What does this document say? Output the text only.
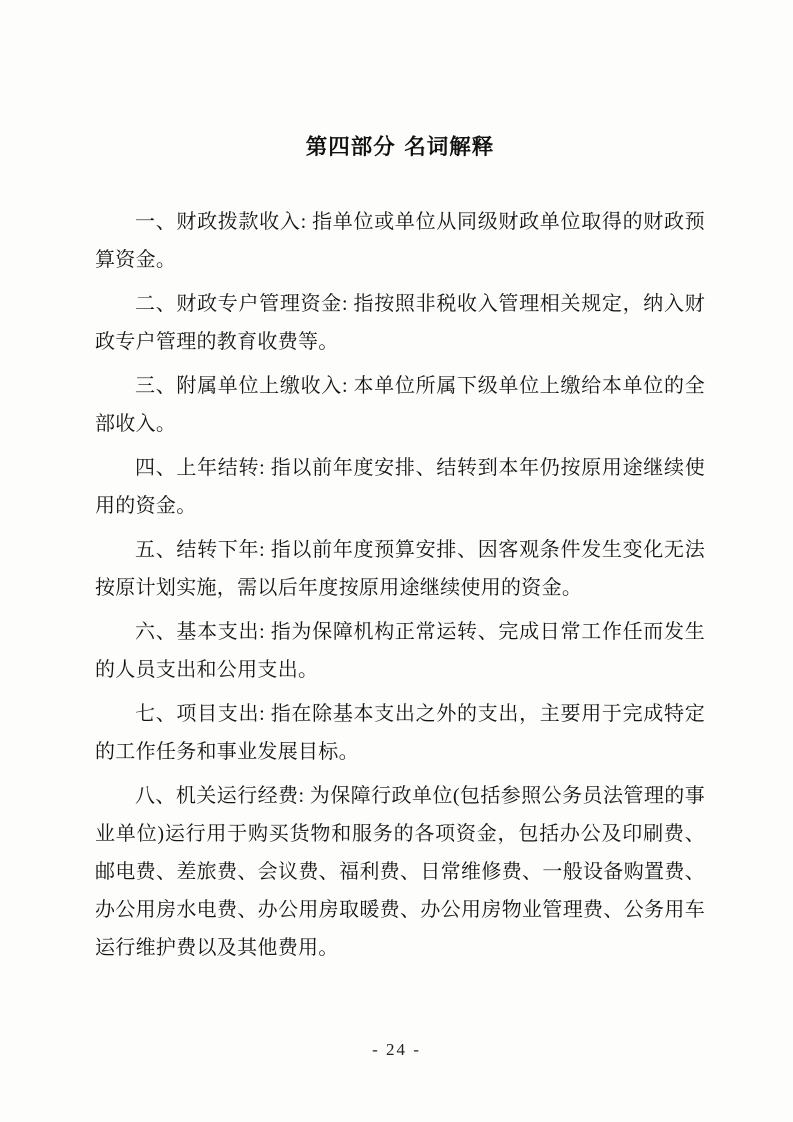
第四部分 名词解释

一、财政拨款收入: 指单位或单位从同级财政单位取得的财政预算资金。

二、财政专户管理资金: 指按照非税收入管理相关规定，纳入财政专户管理的教育收费等。

三、附属单位上缴收入: 本单位所属下级单位上缴给本单位的全部收入。

四、上年结转: 指以前年度安排、结转到本年仍按原用途继续使用的资金。

五、结转下年: 指以前年度预算安排、因客观条件发生变化无法按原计划实施，需以后年度按原用途继续使用的资金。

六、基本支出: 指为保障机构正常运转、完成日常工作任而发生的人员支出和公用支出。

七、项目支出: 指在除基本支出之外的支出，主要用于完成特定的工作任务和事业发展目标。

八、机关运行经费: 为保障行政单位(包括参照公务员法管理的事业单位)运行用于购买货物和服务的各项资金，包括办公及印刷费、邮电费、差旅费、会议费、福利费、日常维修费、一般设备购置费、办公用房水电费、办公用房取暖费、办公用房物业管理费、公务用车运行维护费以及其他费用。

- 24 -
